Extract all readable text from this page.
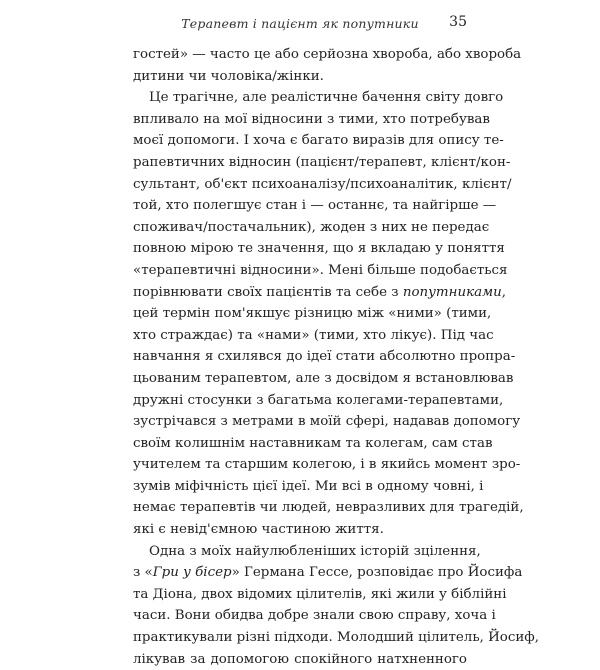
Терапевт і пацієнт як попутники	35
гостей» — часто це або серйозна хвороба, або хвороба
дитини чи чоловіка/жінки.
Це трагічне, але реалістичне бачення світу довго
впливало на мої відносини з тими, хто потребував
моєї допомоги. І хоча є багато виразів для опису те-
рапевтичних відносин (пацієнт/терапевт, клієнт/кон-
сультант, об'єкт психоаналізу/психоаналітик, клієнт/
той, хто полегшує стан і — останнє, та найгірше —
споживач/постачальник), жоден з них не передає
повною мірою те значення, що я вкладаю у поняття
«терапевтичні відносини». Мені більше подобається
порівнювати своїх пацієнтів та себе з попутниками,
цей термін пом'якшує різницю між «ними» (тими,
хто страждає) та «нами» (тими, хто лікує). Під час
навчання я схилявся до ідеї стати абсолютно пропра-
цьованим терапевтом, але з досвідом я встановлював
дружні стосунки з багатьма колегами-терапевтами,
зустрічався з метрами в моїй сфері, надавав допомогу
своїм колишнім наставникам та колегам, сам став
учителем та старшим колегою, і в якийсь момент зро-
зумів міфічність цієї ідеї. Ми всі в одному човні, і
немає терапевтів чи людей, невразливих для трагедій,
які є невід'ємною частиною життя.
Одна з моїх найулюбленіших історій зцілення,
з «Гри у бісер» Германа Гессе, розповідає про Йосифа
та Діона, двох відомих цілителів, які жили у біблійні
часи. Вони обидва добре знали свою справу, хоча і
практикували різні підходи. Молодший цілитель, Йосиф,
лікував за допомогою спокійного натхненного
